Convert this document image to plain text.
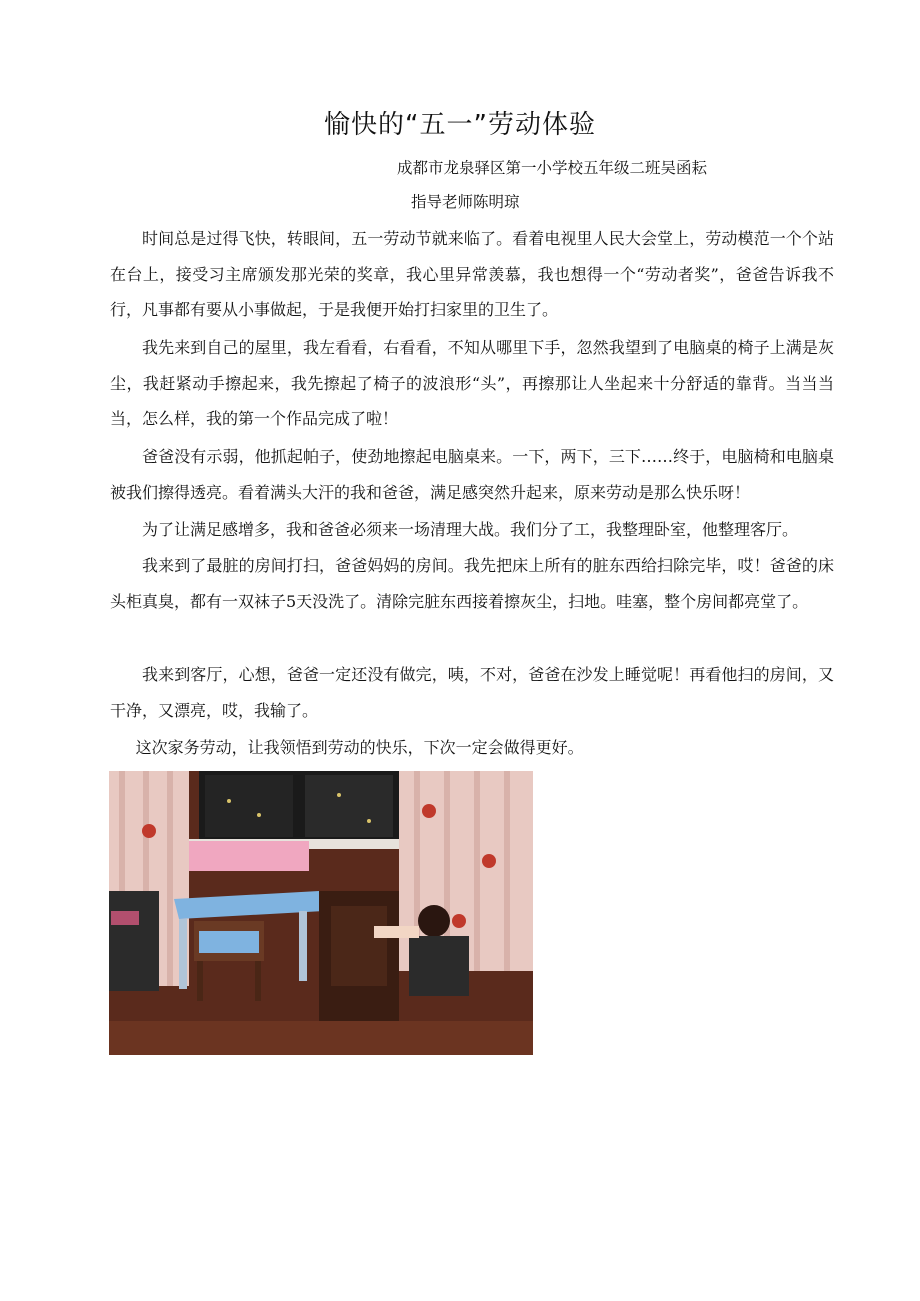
愉快的“五一”劳动体验
成都市龙泉驿区第一小学校五年级二班吴函耘
指导老师陈明琼

时间总是过得飞快，转眼间，五一劳动节就来临了。看着电视里人民大会堂上，劳动模范一个个站在台上，接受习主席颁发那光荣的奖章，我心里异常羡慕，我也想得一个“劳动者奖”，爸爸告诉我不行，凡事都有要从小事做起，于是我便开始打扫家里的卫生了。

我先来到自己的屋里，我左看看，右看看，不知从哪里下手，忽然我望到了电脑桌的椅子上满是灰尘，我赶紧动手擦起来，我先擦起了椅子的波浪形“头”，再擦那让人坐起来十分舒适的靠背。当当当当，怎么样，我的第一个作品完成了啦！

爸爸没有示弱，他抓起帕子，使劲地擦起电脑桌来。一下，两下，三下……终于，电脑椅和电脑桌被我们擦得透亮。看着满头大汗的我和爸爸，满足感突然升起来，原来劳动是那么快乐呀！

为了让满足感增多，我和爸爸必须来一场清理大战。我们分了工，我整理卧室，他整理客厅。

我来到了最脏的房间打扫，爸爸妈妈的房间。我先把床上所有的脏东西给扫除完毕，哎！爸爸的床头柜真臭，都有一双袜子5天没洗了。清除完脏东西接着擦灰尘，扫地。哇塞，整个房间都亮堂了。

我来到客厅，心想，爸爸一定还没有做完，咦，不对，爸爸在沙发上睡觉呢！再看他扫的房间，又干净，又漂亮，哎，我输了。

这次家务劳动，让我领悟到劳动的快乐，下次一定会做得更好。
